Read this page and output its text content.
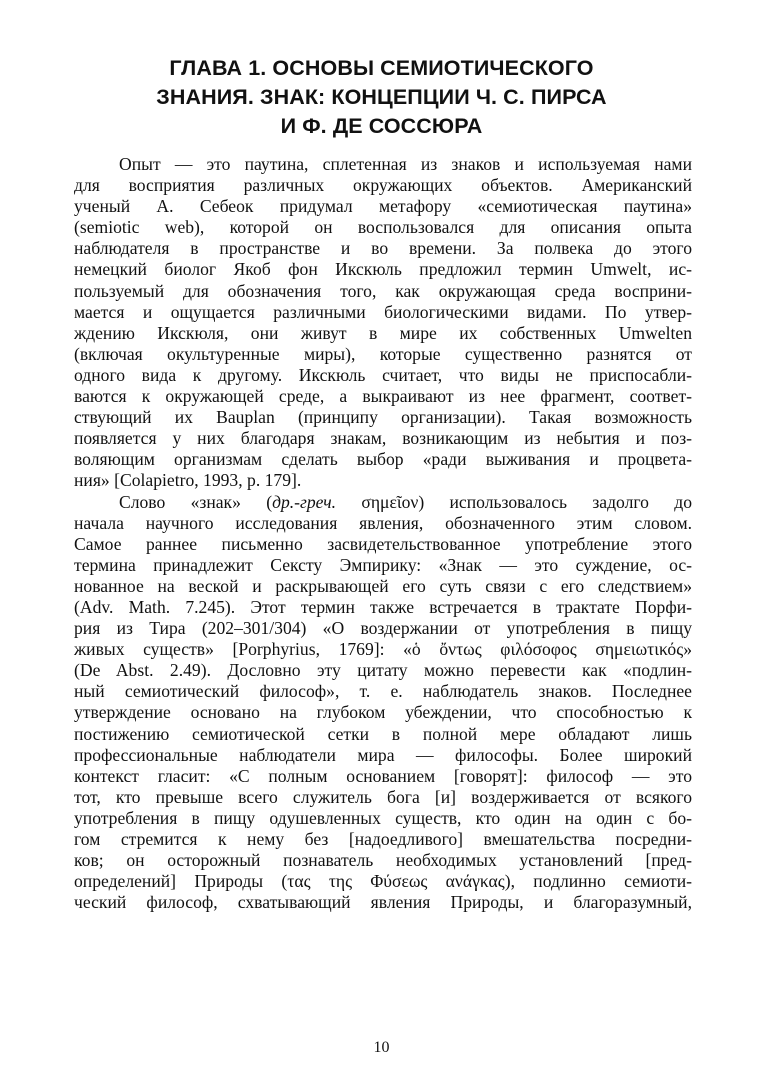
ГЛАВА 1. ОСНОВЫ СЕМИОТИЧЕСКОГО
ЗНАНИЯ. ЗНАК: КОНЦЕПЦИИ Ч. С. ПИРСА
И Ф. ДЕ СОССЮРА
Опыт — это паутина, сплетенная из знаков и используемая нами
для восприятия различных окружающих объектов. Американский
ученый А. Себеок придумал метафору «семиотическая паутина»
(semiotic web), которой он воспользовался для описания опыта
наблюдателя в пространстве и во времени. За полвека до этого
немецкий биолог Якоб фон Икскюль предложил термин Umwelt, ис-
пользуемый для обозначения того, как окружающая среда восприни-
мается и ощущается различными биологическими видами. По утвер-
ждению Икскюля, они живут в мире их собственных Umwelten
(включая окультуренные миры), которые существенно разнятся от
одного вида к другому. Икскюль считает, что виды не приспосабли-
ваются к окружающей среде, а выкраивают из нее фрагмент, соответ-
ствующий их Bauplan (принципу организации). Такая возможность
появляется у них благодаря знакам, возникающим из небытия и поз-
воляющим организмам сделать выбор «ради выживания и процвета-
ния» [Colapietro, 1993, p. 179].
Слово «знак» (др.-греч. σημεῖον) использовалось задолго до
начала научного исследования явления, обозначенного этим словом.
Самое раннее письменно засвидетельствованное употребление этого
термина принадлежит Сексту Эмпирику: «Знак — это суждение, ос-
нованное на веской и раскрывающей его суть связи с его следствием»
(Adv. Math. 7.245). Этот термин также встречается в трактате Порфи-
рия из Тира (202–301/304) «О воздержании от употребления в пищу
живых существ» [Porphyrius, 1769]: «ὁ ὄντως φιλόσοφος σημειωτικός»
(De Abst. 2.49). Дословно эту цитату можно перевести как «подлин-
ный семиотический философ», т. е. наблюдатель знаков. Последнее
утверждение основано на глубоком убеждении, что способностью к
постижению семиотической сетки в полной мере обладают лишь
профессиональные наблюдатели мира — философы. Более широкий
контекст гласит: «С полным основанием [говорят]: философ — это
тот, кто превыше всего служитель бога [и] воздерживается от всякого
употребления в пищу одушевленных существ, кто один на один с бо-
гом стремится к нему без [надоедливого] вмешательства посредни-
ков; он осторожный познаватель необходимых установлений [пред-
определений] Природы (τας της Φύσεως ανάγκας), подлинно семиоти-
ческий философ, схватывающий явления Природы, и благоразумный,
10
